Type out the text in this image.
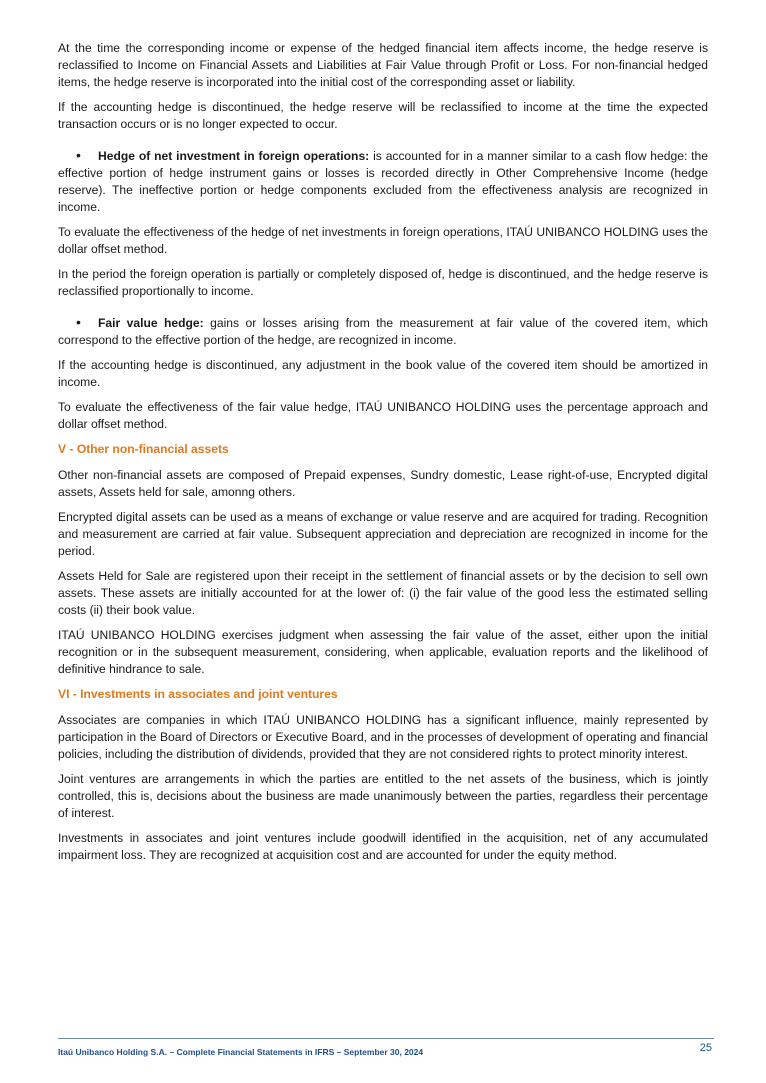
At the time the corresponding income or expense of the hedged financial item affects income, the hedge reserve is reclassified to Income on Financial Assets and Liabilities at Fair Value through Profit or Loss. For non-financial hedged items, the hedge reserve is incorporated into the initial cost of the corresponding asset or liability.

If the accounting hedge is discontinued, the hedge reserve will be reclassified to income at the time the expected transaction occurs or is no longer expected to occur.

• Hedge of net investment in foreign operations: is accounted for in a manner similar to a cash flow hedge: the effective portion of hedge instrument gains or losses is recorded directly in Other Comprehensive Income (hedge reserve). The ineffective portion or hedge components excluded from the effectiveness analysis are recognized in income.

To evaluate the effectiveness of the hedge of net investments in foreign operations, ITAÚ UNIBANCO HOLDING uses the dollar offset method.

In the period the foreign operation is partially or completely disposed of, hedge is discontinued, and the hedge reserve is reclassified proportionally to income.

• Fair value hedge: gains or losses arising from the measurement at fair value of the covered item, which correspond to the effective portion of the hedge, are recognized in income.

If the accounting hedge is discontinued, any adjustment in the book value of the covered item should be amortized in income.

To evaluate the effectiveness of the fair value hedge, ITAÚ UNIBANCO HOLDING uses the percentage approach and dollar offset method.

V - Other non-financial assets

Other non-financial assets are composed of Prepaid expenses, Sundry domestic, Lease right-of-use, Encrypted digital assets, Assets held for sale, amonng others.

Encrypted digital assets can be used as a means of exchange or value reserve and are acquired for trading. Recognition and measurement are carried at fair value. Subsequent appreciation and depreciation are recognized in income for the period.

Assets Held for Sale are registered upon their receipt in the settlement of financial assets or by the decision to sell own assets. These assets are initially accounted for at the lower of: (i) the fair value of the good less the estimated selling costs (ii) their book value.

ITAÚ UNIBANCO HOLDING exercises judgment when assessing the fair value of the asset, either upon the initial recognition or in the subsequent measurement, considering, when applicable, evaluation reports and the likelihood of definitive hindrance to sale.

VI - Investments in associates and joint ventures

Associates are companies in which ITAÚ UNIBANCO HOLDING has a significant influence, mainly represented by participation in the Board of Directors or Executive Board, and in the processes of development of operating and financial policies, including the distribution of dividends, provided that they are not considered rights to protect minority interest.

Joint ventures are arrangements in which the parties are entitled to the net assets of the business, which is jointly controlled, this is, decisions about the business are made unanimously between the parties, regardless their percentage of interest.

Investments in associates and joint ventures include goodwill identified in the acquisition, net of any accumulated impairment loss. They are recognized at acquisition cost and are accounted for under the equity method.

Itaú Unibanco Holding S.A. – Complete Financial Statements in IFRS – September 30, 2024	25
